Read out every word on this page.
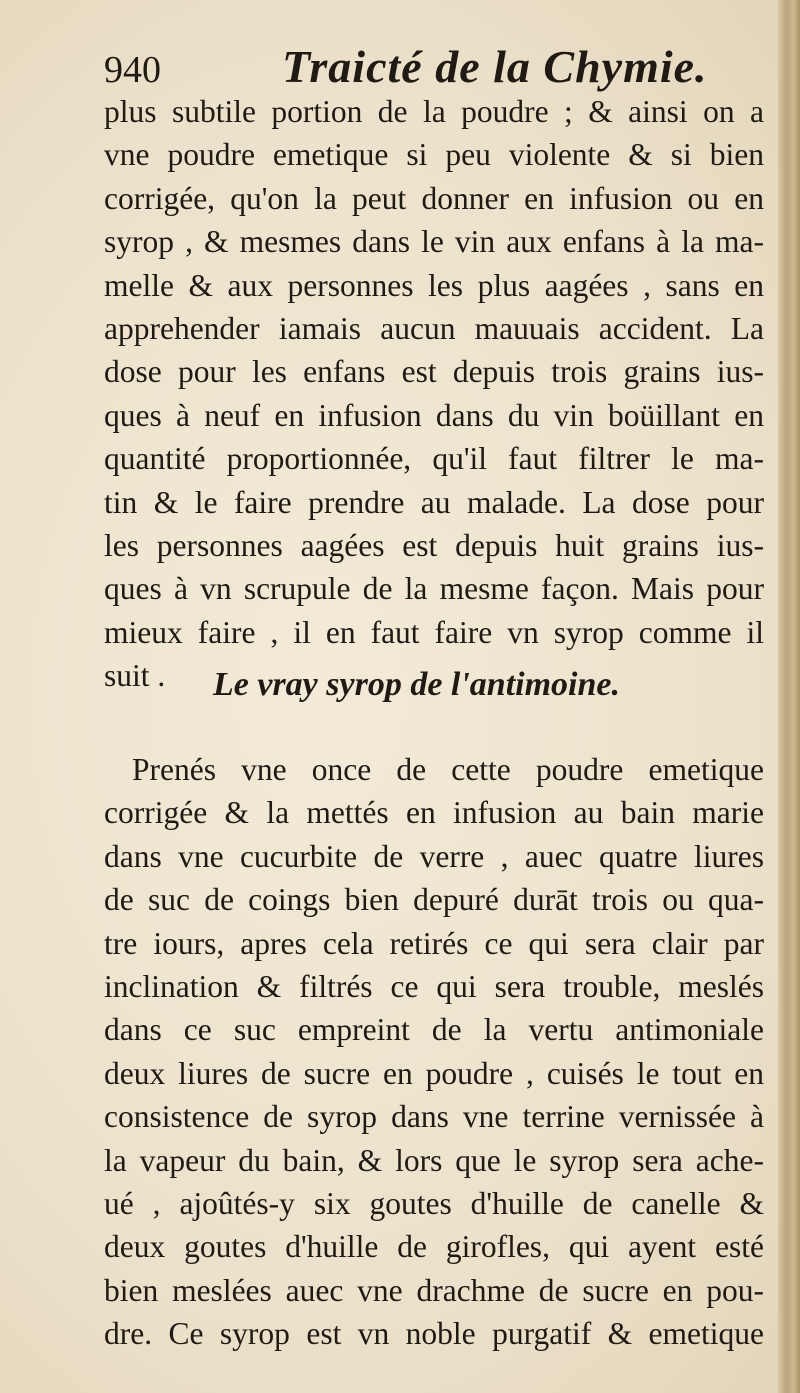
940	Traicté de la Chymie.
plus subtile portion de la poudre ; & ainsi on a
vne poudre emetique si peu violente & si bien
corrigée, qu'on la peut donner en infusion ou en
syrop , & mesmes dans le vin aux enfans à la ma-
melle & aux personnes les plus aagées , sans en
apprehender iamais aucun mauuais accident. La
dose pour les enfans est depuis trois grains ius-
ques à neuf en infusion dans du vin boüillant en
quantité proportionnée, qu'il faut filtrer le ma-
tin & le faire prendre au malade. La dose pour
les personnes aagées est depuis huit grains ius-
ques à vn scrupule de la mesme façon. Mais pour
mieux faire , il en faut faire vn syrop comme il
suit .	Le vray syrop de l'antimoine.
Prenés vne once de cette poudre emetique
corrigée & la mettés en infusion au bain marie
dans vne cucurbite de verre , auec quatre liures
de suc de coings bien depuré durāt trois ou qua-
tre iours, apres cela retirés ce qui sera clair par
inclination & filtrés ce qui sera trouble, meslés
dans ce suc empreint de la vertu antimoniale
deux liures de sucre en poudre , cuisés le tout en
consistence de syrop dans vne terrine vernissée à
la vapeur du bain, & lors que le syrop sera ache-
ué , ajoûtés-y six goutes d'huille de canelle &
deux goutes d'huille de girofles, qui ayent esté
bien meslées auec vne drachme de sucre en pou-
dre. Ce syrop est vn noble purgatif & emetique
